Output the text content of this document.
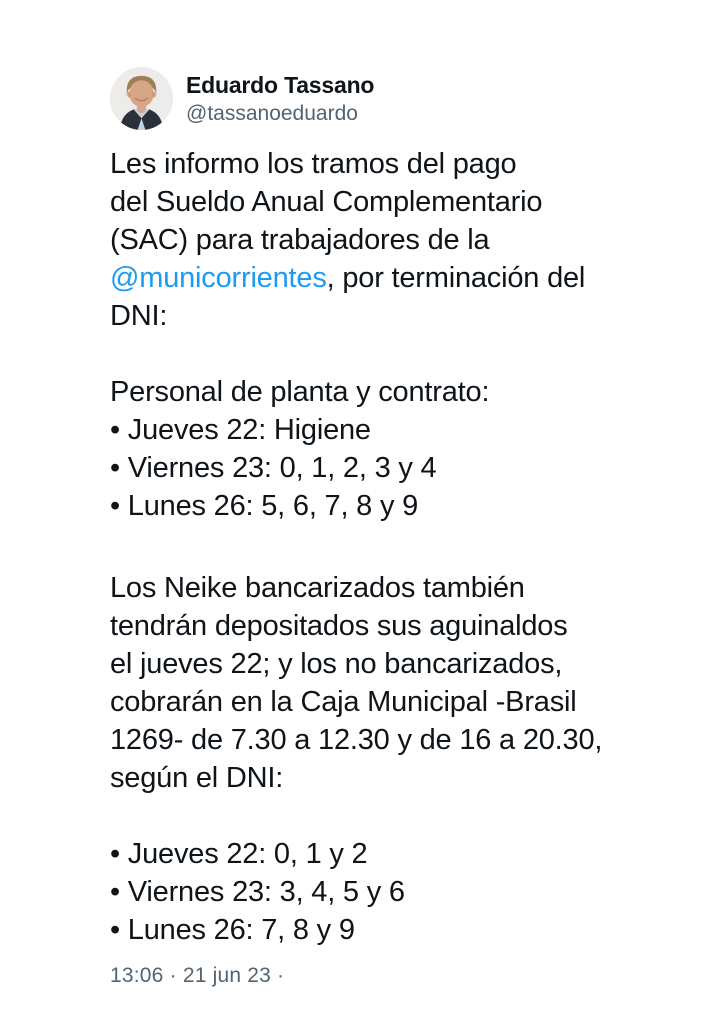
Eduardo Tassano
@tassanoeduardo
Les informo los tramos del pago
del Sueldo Anual Complementario
(SAC) para trabajadores de la
@municorrientes, por terminación del
DNI:
Personal de planta y contrato:
• Jueves 22: Higiene
• Viernes 23: 0, 1, 2, 3 y 4
• Lunes 26: 5, 6, 7, 8 y 9
Los Neike bancarizados también
tendrán depositados sus aguinaldos
el jueves 22; y los no bancarizados,
cobrarán en la Caja Municipal -Brasil
1269- de 7.30 a 12.30 y de 16 a 20.30,
según el DNI:
• Jueves 22: 0, 1 y 2
• Viernes 23: 3, 4, 5 y 6
• Lunes 26: 7, 8 y 9
13:06 · 21 jun 23 ·
